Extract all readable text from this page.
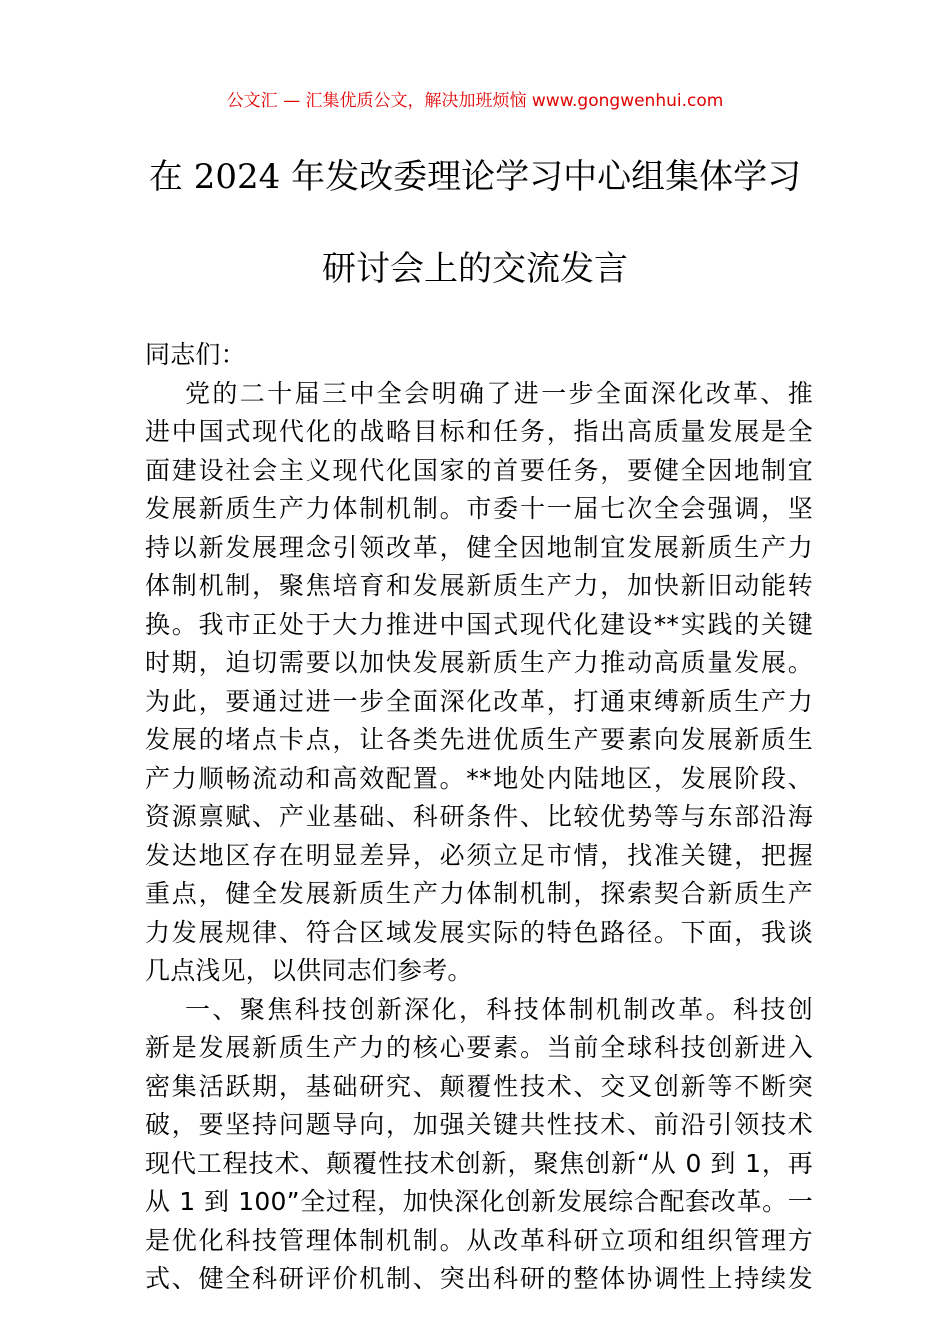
公文汇 — 汇集优质公文，解决加班烦恼 www.gongwenhui.com
在 2024 年发改委理论学习中心组集体学习
研讨会上的交流发言
同志们：
党的二十届三中全会明确了进一步全面深化改革、推
进中国式现代化的战略目标和任务，指出高质量发展是全
面建设社会主义现代化国家的首要任务，要健全因地制宜
发展新质生产力体制机制。市委十一届七次全会强调，坚
持以新发展理念引领改革，健全因地制宜发展新质生产力
体制机制，聚焦培育和发展新质生产力，加快新旧动能转
换。我市正处于大力推进中国式现代化建设**实践的关键
时期，迫切需要以加快发展新质生产力推动高质量发展。
为此，要通过进一步全面深化改革，打通束缚新质生产力
发展的堵点卡点，让各类先进优质生产要素向发展新质生
产力顺畅流动和高效配置。**地处内陆地区，发展阶段、
资源禀赋、产业基础、科研条件、比较优势等与东部沿海
发达地区存在明显差异，必须立足市情，找准关键，把握
重点，健全发展新质生产力体制机制，探索契合新质生产
力发展规律、符合区域发展实际的特色路径。下面，我谈
几点浅见，以供同志们参考。
一、聚焦科技创新深化，科技体制机制改革。科技创
新是发展新质生产力的核心要素。当前全球科技创新进入
密集活跃期，基础研究、颠覆性技术、交叉创新等不断突
破，要坚持问题导向，加强关键共性技术、前沿引领技术
现代工程技术、颠覆性技术创新，聚焦创新“从 0 到 1，再
从 1 到 100”全过程，加快深化创新发展综合配套改革。一
是优化科技管理体制机制。从改革科研立项和组织管理方
式、健全科研评价机制、突出科研的整体协调性上持续发
